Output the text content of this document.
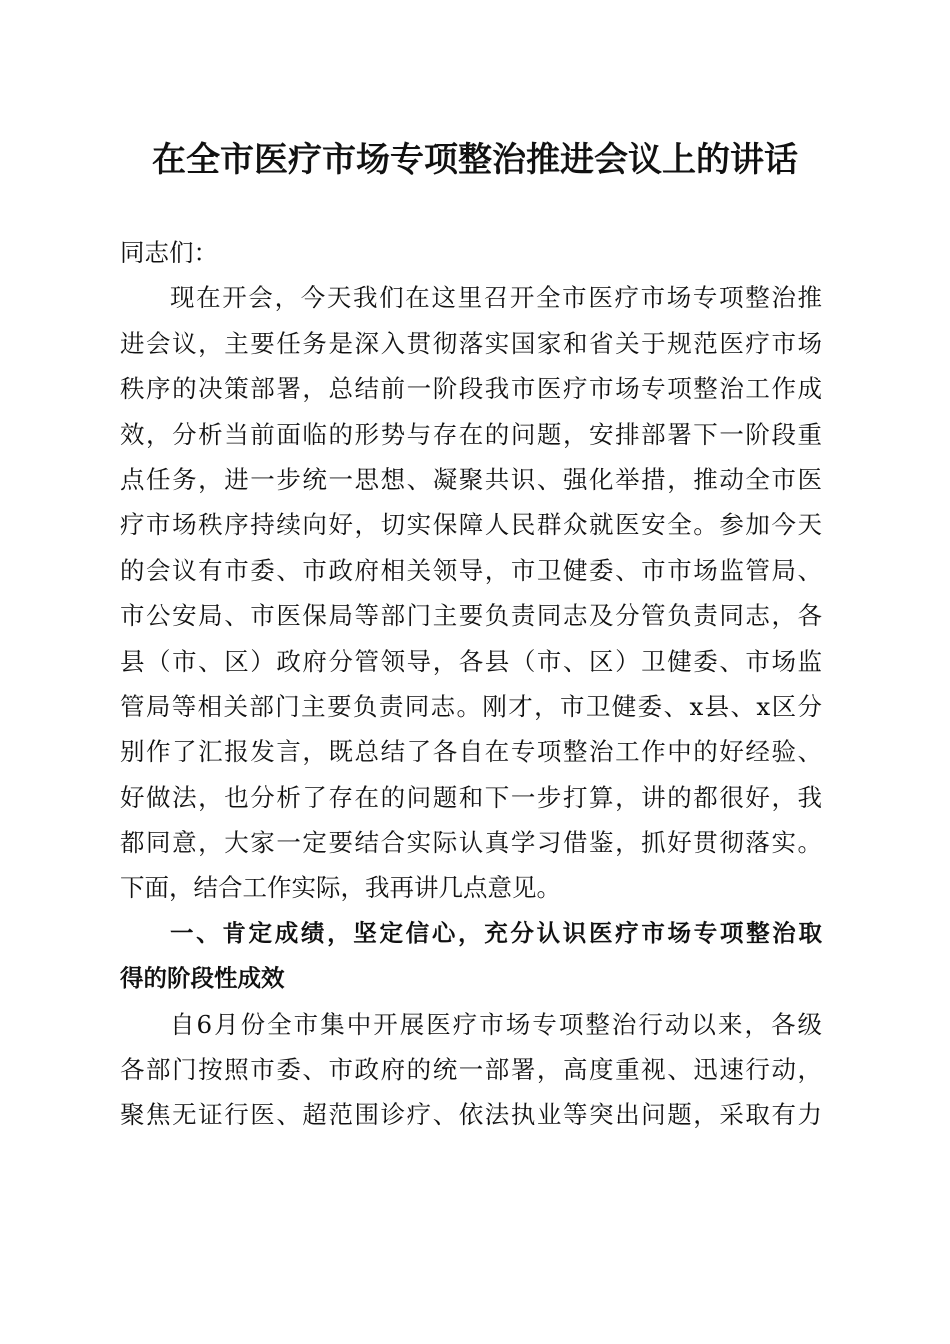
在全市医疗市场专项整治推进会议上的讲话
同志们：
现在开会，今天我们在这里召开全市医疗市场专项整治推
进会议，主要任务是深入贯彻落实国家和省关于规范医疗市场
秩序的决策部署，总结前一阶段我市医疗市场专项整治工作成
效，分析当前面临的形势与存在的问题，安排部署下一阶段重
点任务，进一步统一思想、凝聚共识、强化举措，推动全市医
疗市场秩序持续向好，切实保障人民群众就医安全。参加今天
的会议有市委、市政府相关领导，市卫健委、市市场监管局、
市公安局、市医保局等部门主要负责同志及分管负责同志，各
县（市、区）政府分管领导，各县（市、区）卫健委、市场监
管局等相关部门主要负责同志。刚才，市卫健委、x县、x区分
别作了汇报发言，既总结了各自在专项整治工作中的好经验、
好做法，也分析了存在的问题和下一步打算，讲的都很好，我
都同意，大家一定要结合实际认真学习借鉴，抓好贯彻落实。
下面，结合工作实际，我再讲几点意见。
一、肯定成绩，坚定信心，充分认识医疗市场专项整治取
得的阶段性成效
自6月份全市集中开展医疗市场专项整治行动以来，各级
各部门按照市委、市政府的统一部署，高度重视、迅速行动，
聚焦无证行医、超范围诊疗、依法执业等突出问题，采取有力
